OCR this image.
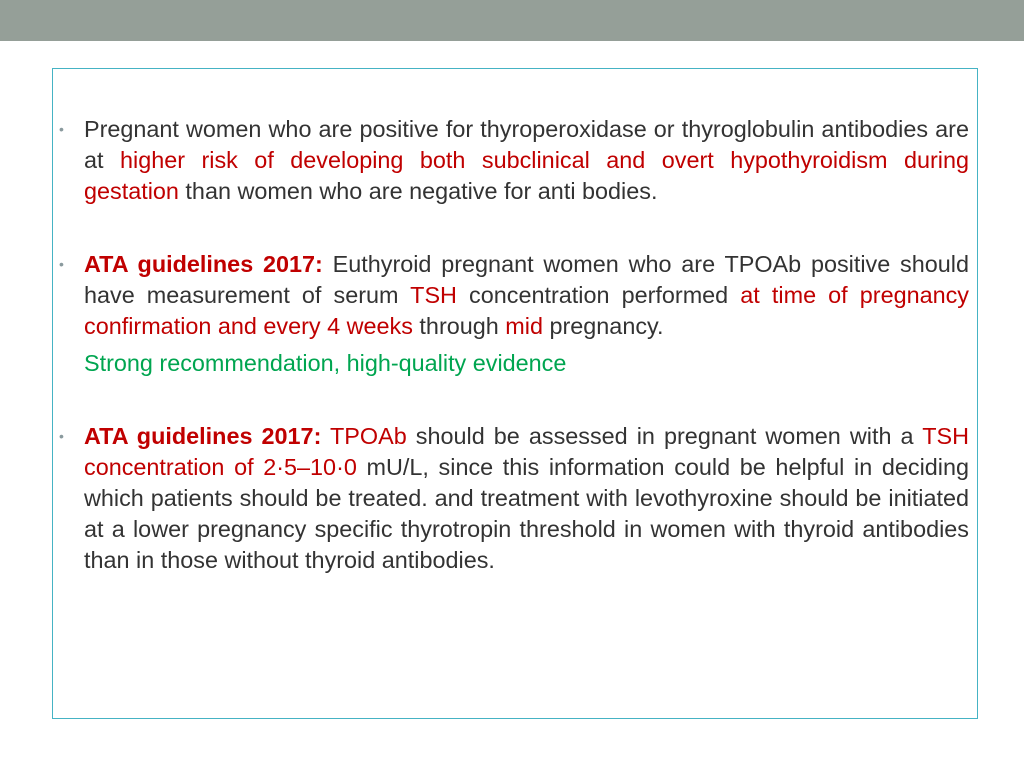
• Pregnant women who are positive for thyroperoxidase or thyroglobulin antibodies are at higher risk of developing both subclinical and overt hypothyroidism during gestation than women who are negative for anti bodies.
• ATA guidelines 2017: Euthyroid pregnant women who are TPOAb positive should have measurement of serum TSH concentration performed at time of pregnancy confirmation and every 4 weeks through mid pregnancy.
Strong recommendation, high-quality evidence
• ATA guidelines 2017: TPOAb should be assessed in pregnant women with a TSH concentration of 2·5–10·0 mU/L, since this information could be helpful in deciding which patients should be treated. and treatment with levothyroxine should be initiated at a lower pregnancy specific thyrotropin threshold in women with thyroid antibodies than in those without thyroid antibodies.
